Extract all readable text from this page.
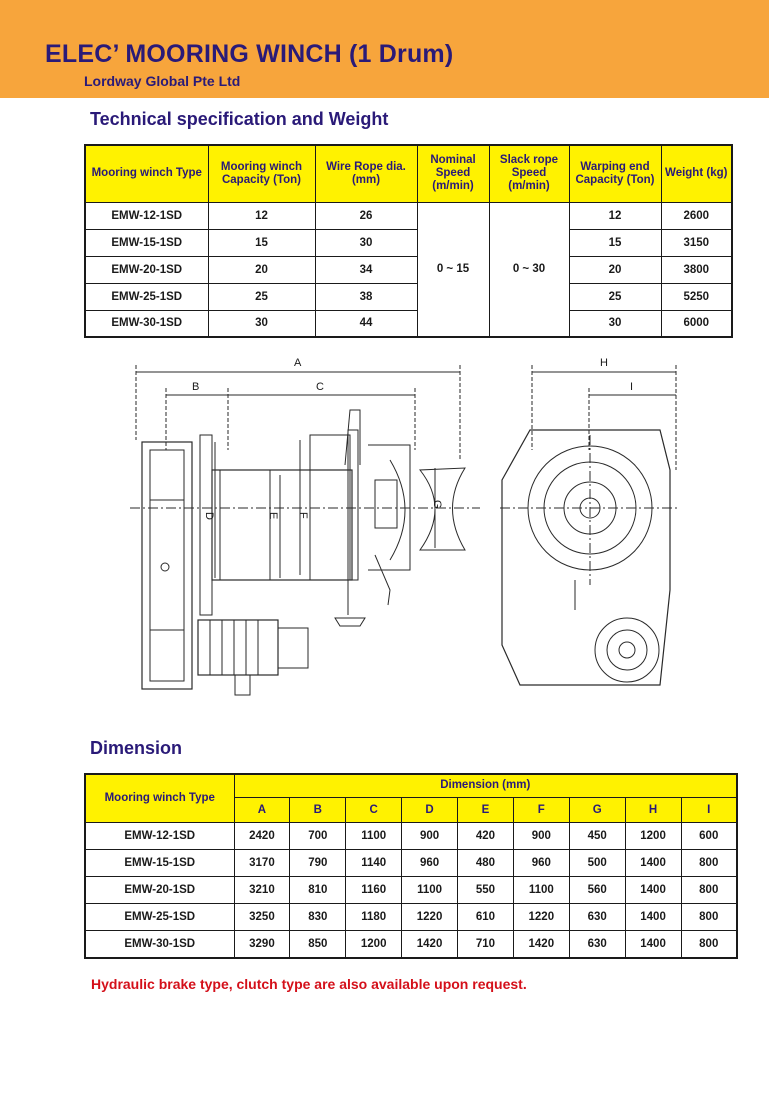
ELEC’ MOORING WINCH (1 Drum)
Lordway Global Pte Ltd
Technical specification and Weight
Mooring winch Type	Mooring winch Capacity (Ton)	Wire Rope dia. (mm)	Nominal Speed (m/min)	Slack rope Speed (m/min)	Warping end Capacity (Ton)	Weight (kg)
EMW-12-1SD	12	26	0 ~ 15	0 ~ 30	12	2600
EMW-15-1SD	15	30			15	3150
EMW-20-1SD	20	34			20	3800
EMW-25-1SD	25	38			25	5250
EMW-30-1SD	30	44			30	6000
A
B	C
D	E F
G
H
I
Dimension
Mooring winch Type	Dimension (mm)								
	A	B	C	D	E	F	G	H	I
EMW-12-1SD	2420	700	1100	900	420	900	450	1200	600
EMW-15-1SD	3170	790	1140	960	480	960	500	1400	800
EMW-20-1SD	3210	810	1160	1100	550	1100	560	1400	800
EMW-25-1SD	3250	830	1180	1220	610	1220	630	1400	800
EMW-30-1SD	3290	850	1200	1420	710	1420	630	1400	800
Hydraulic brake type, clutch type are also available upon request.
